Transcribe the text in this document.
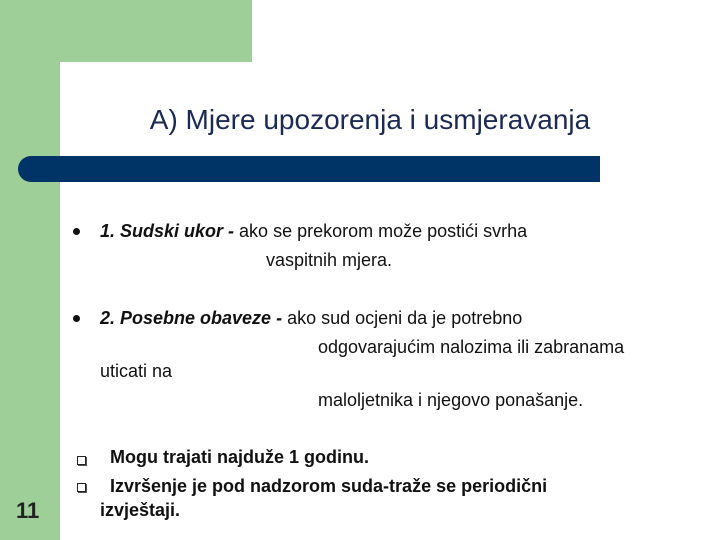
A) Mjere upozorenja i usmjeravanja
1. Sudski ukor - ako se prekorom može postići svrha
vaspitnih mjera.
2. Posebne obaveze - ako sud ocjeni da je potrebno
odgovarajućim nalozima ili zabranama
uticati na
maloljetnika i njegovo ponašanje.
Mogu trajati najduže 1 godinu.
Izvršenje je pod nadzorom suda-traže se periodični
izvještaji.
11
